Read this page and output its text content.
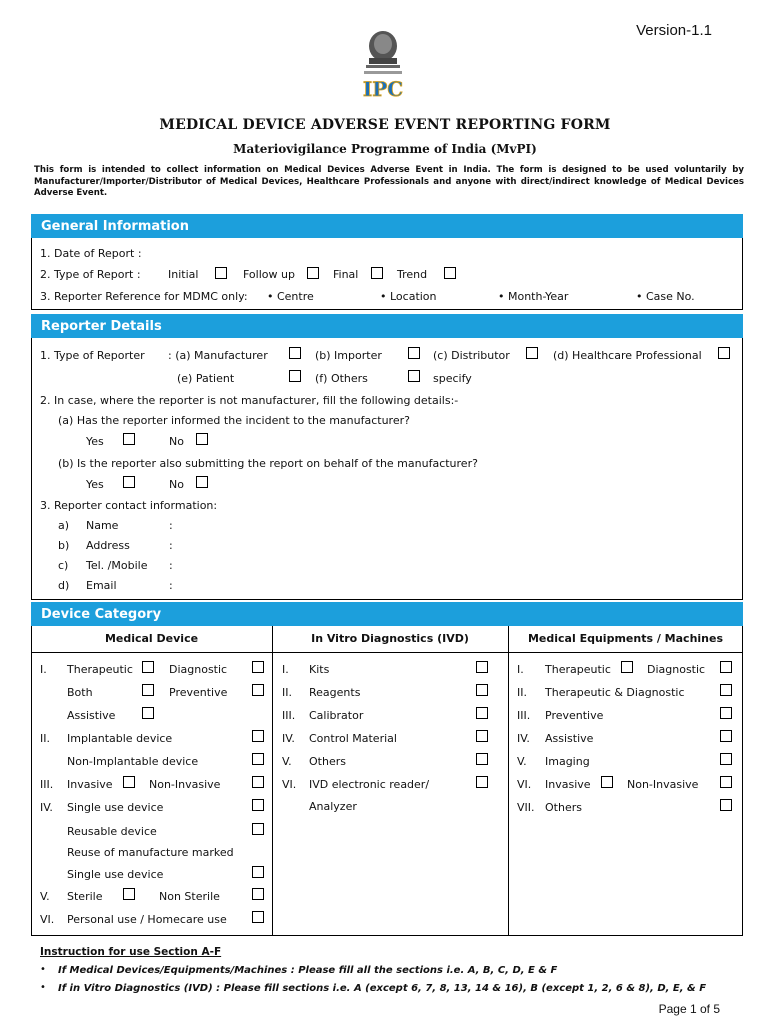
Version-1.1
IPC
MEDICAL DEVICE ADVERSE EVENT REPORTING FORM
Materiovigilance Programme of India (MvPI)
This form is intended to collect information on Medical Devices Adverse Event in India. The form is designed to be used voluntarily by Manufacturer/Importer/Distributor of Medical Devices, Healthcare Professionals and anyone with direct/indirect knowledge of Medical Devices Adverse Event.
General Information
1. Date of Report :
2. Type of Report : Initial	Follow up	Final	Trend
3. Reporter Reference for MDMC only: • Centre	• Location	• Month-Year	• Case No.
Reporter Details
1. Type of Reporter : (a) Manufacturer	(b) Importer	(c) Distributor	(d) Healthcare Professional
(e) Patient	(f) Others	specify
2. In case, where the reporter is not manufacturer, fill the following details:-
(a) Has the reporter informed the incident to the manufacturer?
Yes	No
(b) Is the reporter also submitting the report on behalf of the manufacturer?
Yes	No
3. Reporter contact information:
a) Name	:
b) Address	:
c) Tel. /Mobile :
d) Email	:
Device Category
Medical Device	In Vitro Diagnostics (IVD)	Medical Equipments / Machines
I. Therapeutic	Diagnostic
Both	Preventive
Assistive
II. Implantable device
Non-Implantable device
III. Invasive	Non-Invasive
IV. Single use device
Reusable device
Reuse of manufacture marked
Single use device
V. Sterile	Non Sterile
VI. Personal use / Homecare use
I. Kits
II. Reagents
III. Calibrator
IV. Control Material
V. Others
VI. IVD electronic reader/
Analyzer
I. Therapeutic	Diagnostic
II. Therapeutic & Diagnostic
III. Preventive
IV. Assistive
V. Imaging
VI. Invasive	Non-Invasive
VII. Others
Instruction for use Section A-F
• If Medical Devices/Equipments/Machines : Please fill all the sections i.e. A, B, C, D, E & F
• If in Vitro Diagnostics (IVD) : Please fill sections i.e. A (except 6, 7, 8, 13, 14 & 16), B (except 1, 2, 6 & 8), D, E, & F
Page 1 of 5
